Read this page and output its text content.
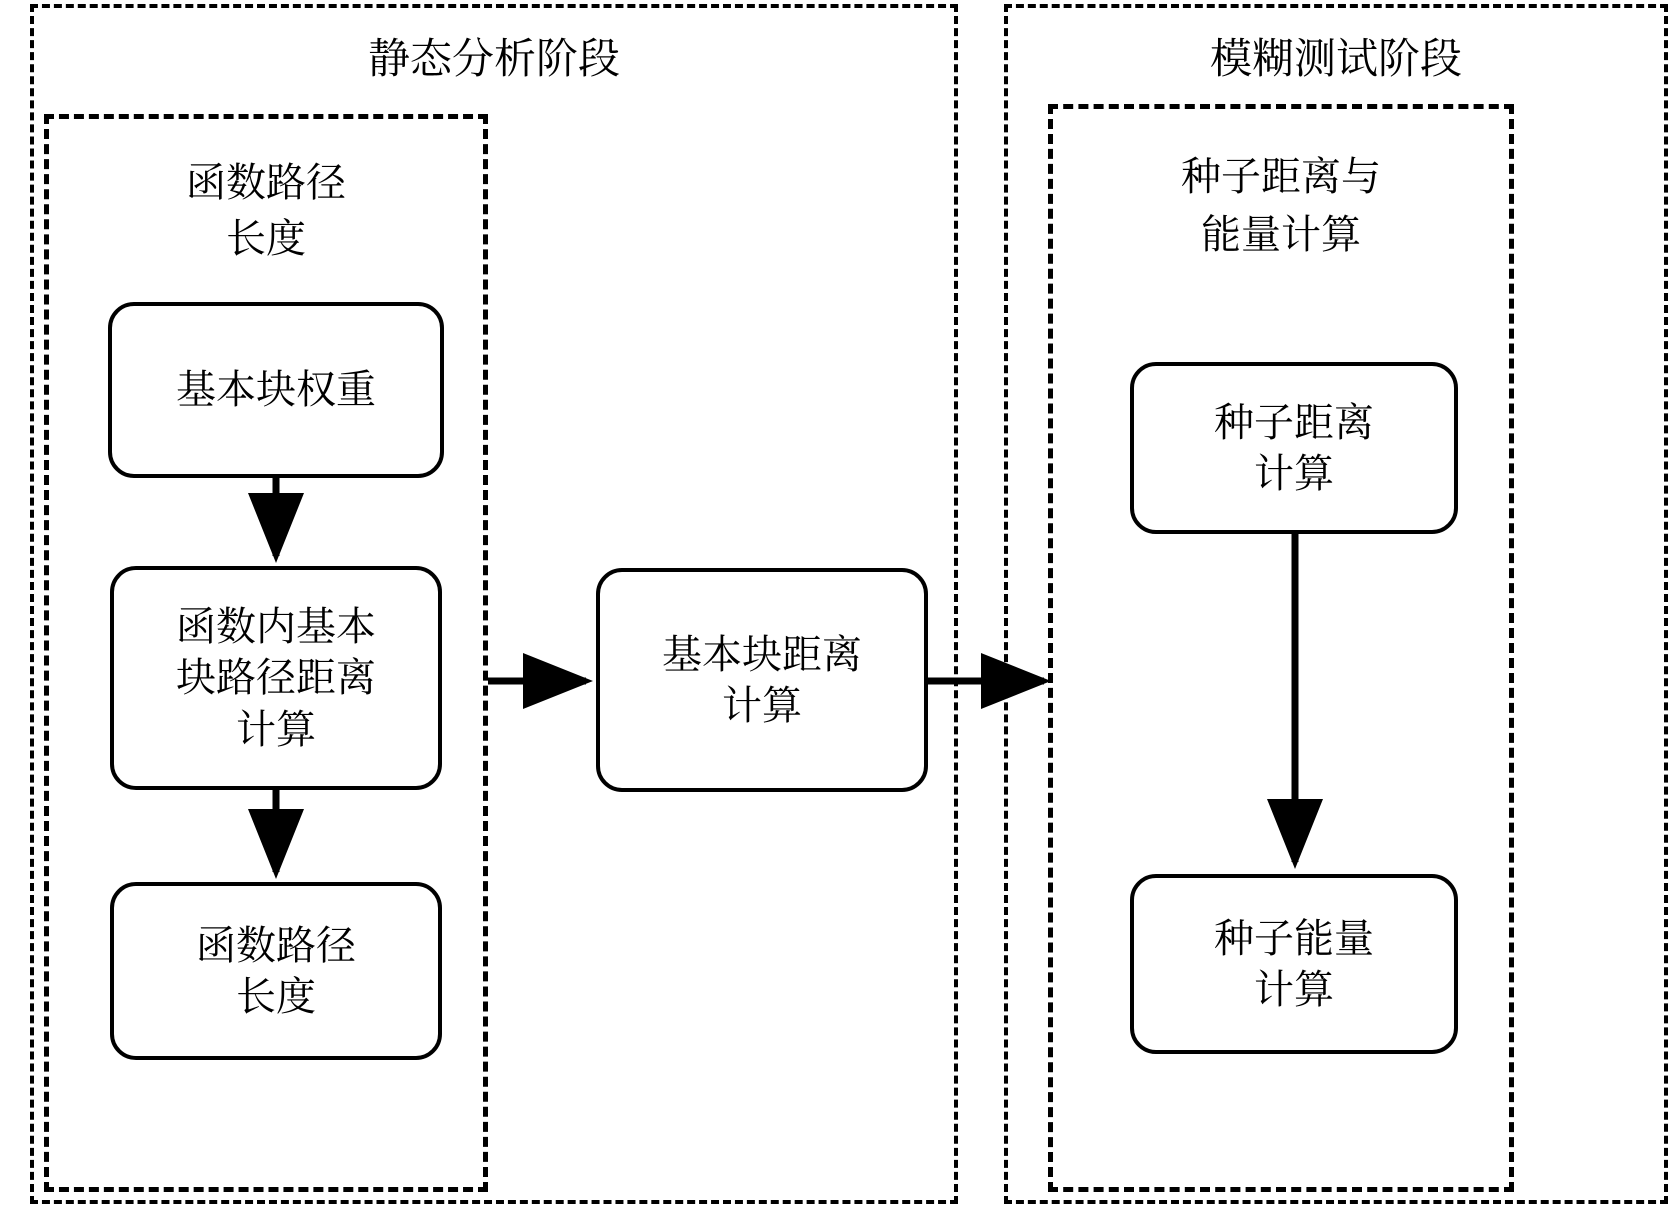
静态分析阶段	模糊测试阶段
函数路径
长度
种子距离与
能量计算
基本块权重
函数内基本
块路径距离
计算
函数路径
长度
基本块距离
计算
种子距离
计算
种子能量
计算
